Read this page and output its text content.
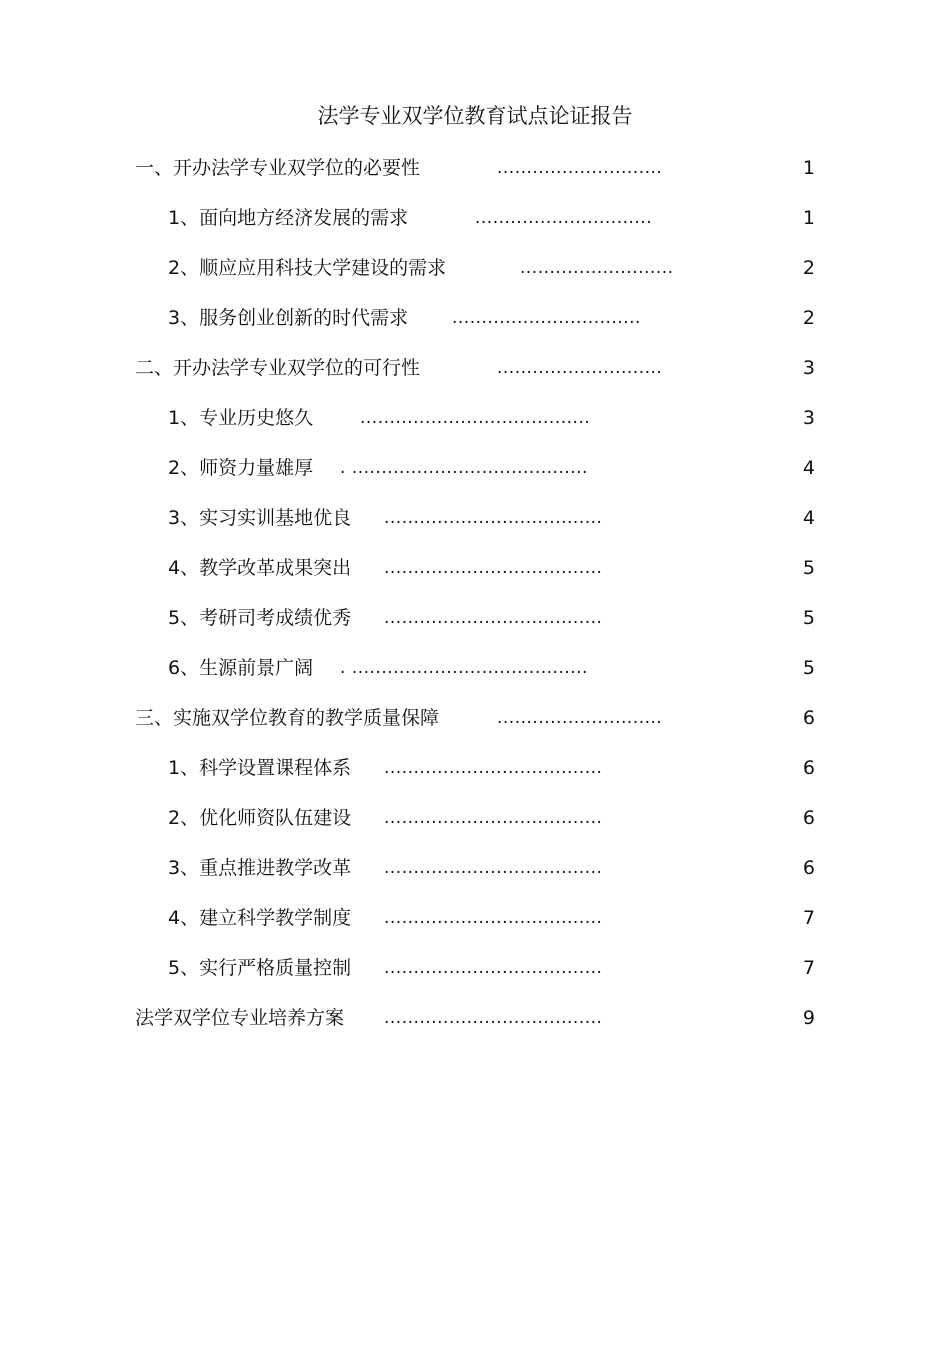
法学专业双学位教育试点论证报告
一、开办法学专业双学位的必要性	............................	1
1、面向地方经济发展的需求	..............................	1
2、顺应应用科技大学建设的需求	..........................	2
3、服务创业创新的时代需求	................................	2
二、开办法学专业双学位的可行性	............................	3
1、专业历史悠久	.......................................	3
2、师资力量雄厚 . ........................................	4
3、实习实训基地优良 .....................................	4
4、教学改革成果突出 .....................................	5
5、考研司考成绩优秀 .....................................	5
6、生源前景广阔 . ........................................	5
三、实施双学位教育的教学质量保障	............................	6
1、科学设置课程体系 .....................................	6
2、优化师资队伍建设 .....................................	6
3、重点推进教学改革 .....................................	6
4、建立科学教学制度 .....................................	7
5、实行严格质量控制 .....................................	7
法学双学位专业培养方案 .....................................	9
